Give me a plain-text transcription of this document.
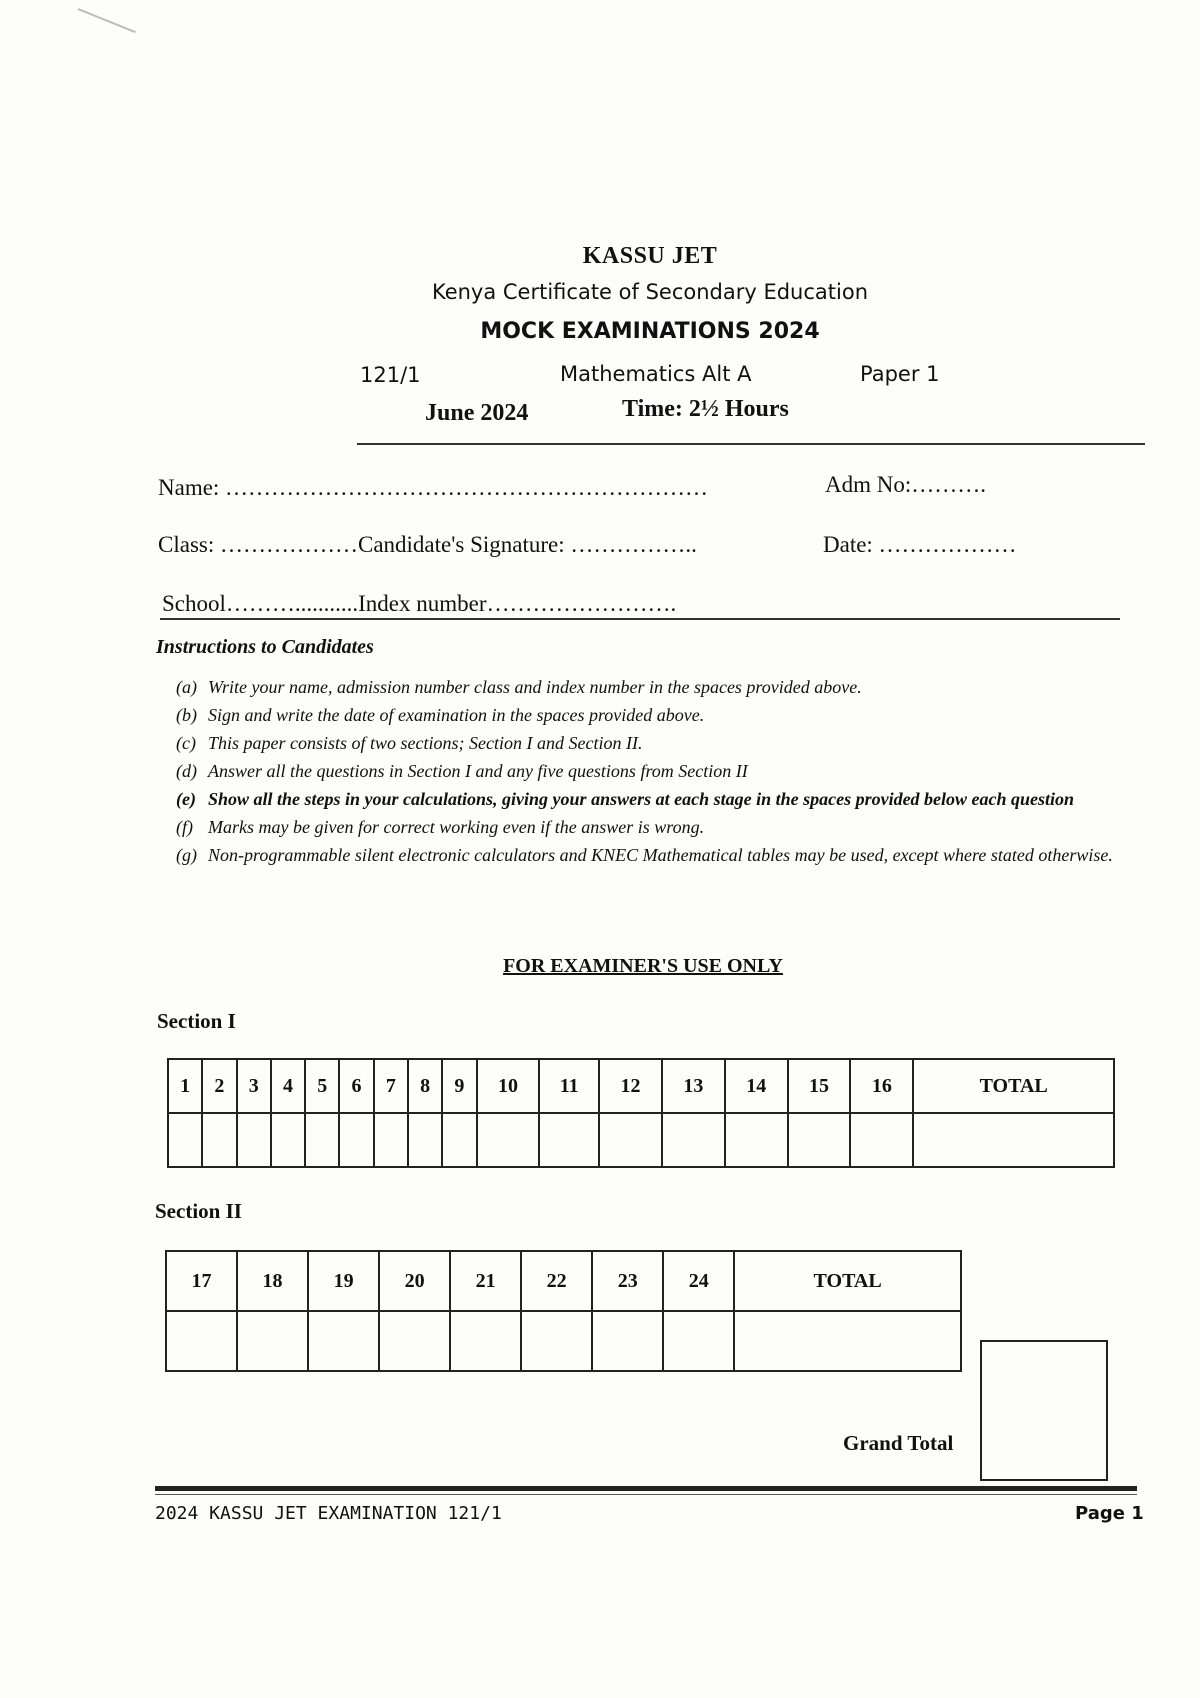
KASSU JET
Kenya Certificate of Secondary Education
MOCK EXAMINATIONS 2024
121/1	Mathematics Alt A	Paper 1
June 2024	Time: 2½ Hours
Name: ………………………………………………………	Adm No:……….
Class: ………………Candidate's Signature: ……………..	Date: ………………
School………...........Index number…………………….
Instructions to Candidates
(a) Write your name, admission number class and index number in the spaces provided above.
(b) Sign and write the date of examination in the spaces provided above.
(c) This paper consists of two sections; Section I and Section II.
(d) Answer all the questions in Section I and any five questions from Section II
(e) Show all the steps in your calculations, giving your answers at each stage in the spaces provided below each question
(f) Marks may be given for correct working even if the answer is wrong.
(g) Non-programmable silent electronic calculators and KNEC Mathematical tables may be used, except where stated otherwise.
FOR EXAMINER'S USE ONLY
Section I
1	2	3	4	5	6	7	8	9	10	11	12	13	14	15	16	TOTAL

Section II
17	18	19	20	21	22	23	24	TOTAL

Grand Total
2024 KASSU JET EXAMINATION 121/1	Page 1
